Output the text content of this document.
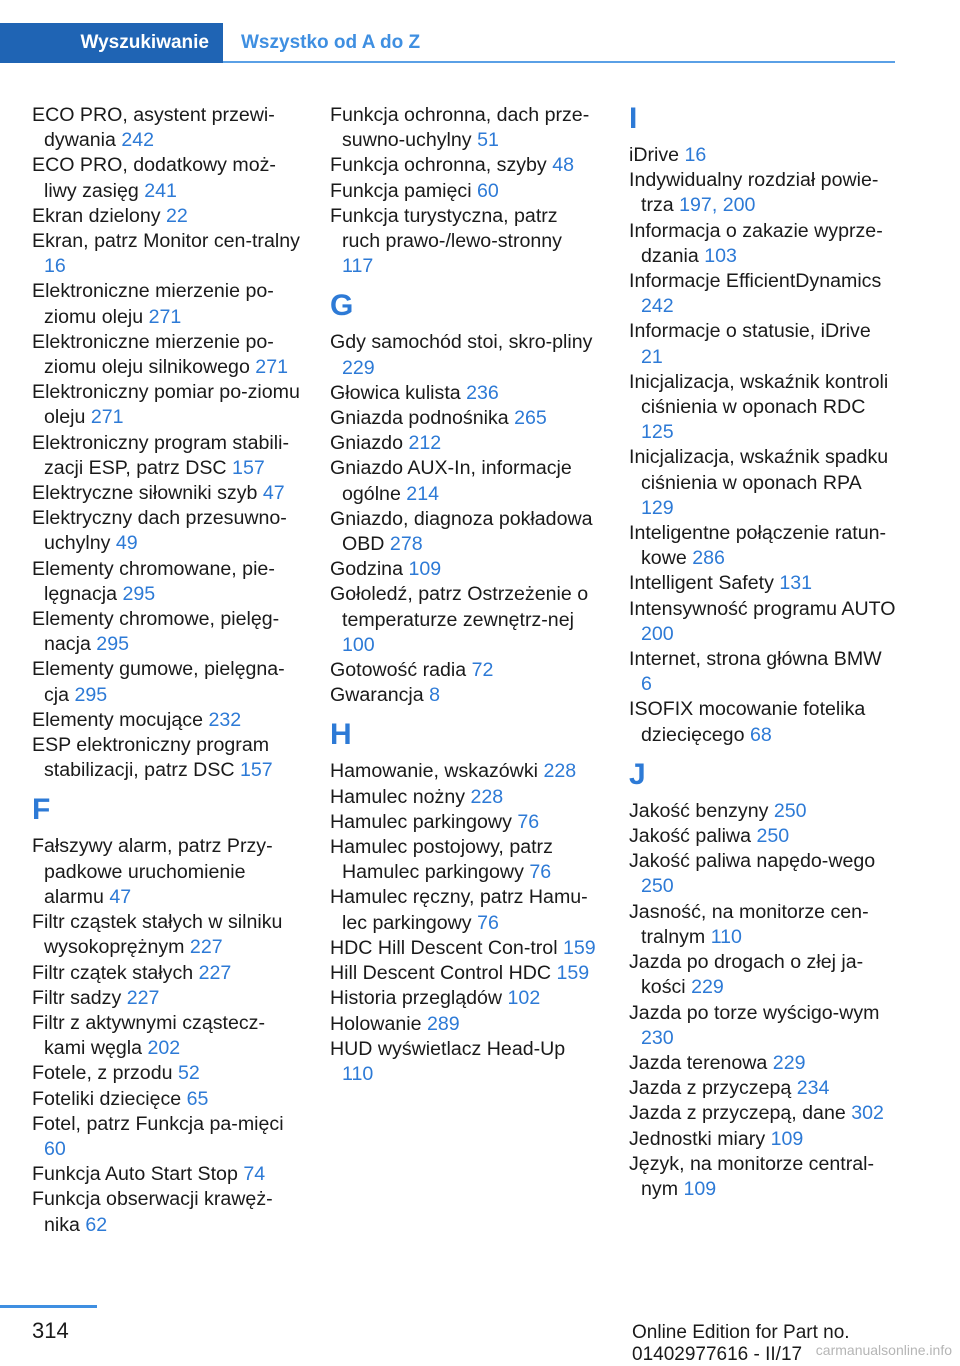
Wyszukiwanie	Wszystko od A do Z
ECO PRO, asystent przewi-dywania 242
ECO PRO, dodatkowy moż-liwy zasięg 241
Ekran dzielony 22
Ekran, patrz Monitor cen-tralny 16
Elektroniczne mierzenie po-ziomu oleju 271
Elektroniczne mierzenie po-ziomu oleju silnikowego 271
Elektroniczny pomiar po-ziomu oleju 271
Elektroniczny program stabili-zacji ESP, patrz DSC 157
Elektryczne siłowniki szyb 47
Elektryczny dach przesuwno-uchylny 49
Elementy chromowane, pie-lęgnacja 295
Elementy chromowe, pielęg-nacja 295
Elementy gumowe, pielęgna-cja 295
Elementy mocujące 232
ESP elektroniczny program stabilizacji, patrz DSC 157
F
Fałszywy alarm, patrz Przy-padkowe uruchomienie alarmu 47
Filtr cząstek stałych w silniku wysokoprężnym 227
Filtr czątek stałych 227
Filtr sadzy 227
Filtr z aktywnymi cząstecz-kami węgla 202
Fotele, z przodu 52
Foteliki dziecięce 65
Fotel, patrz Funkcja pa-mięci 60
Funkcja Auto Start Stop 74
Funkcja obserwacji krawęż-nika 62
Funkcja ochronna, dach prze-suwno-uchylny 51
Funkcja ochronna, szyby 48
Funkcja pamięci 60
Funkcja turystyczna, patrz ruch prawo-/lewo-stronny 117
G
Gdy samochód stoi, skro-pliny 229
Głowica kulista 236
Gniazda podnośnika 265
Gniazdo 212
Gniazdo AUX-In, informacje ogólne 214
Gniazdo, diagnoza pokładowa OBD 278
Godzina 109
Gołoledź, patrz Ostrzeżenie o temperaturze zewnętrz-nej 100
Gotowość radia 72
Gwarancja 8
H
Hamowanie, wskazówki 228
Hamulec nożny 228
Hamulec parkingowy 76
Hamulec postojowy, patrz Hamulec parkingowy 76
Hamulec ręczny, patrz Hamu-lec parkingowy 76
HDC Hill Descent Con-trol 159
Hill Descent Control HDC 159
Historia przeglądów 102
Holowanie 289
HUD wyświetlacz Head-Up 110
I
iDrive 16
Indywidualny rozdział powie-trza 197, 200
Informacja o zakazie wyprze-dzania 103
Informacje EfficientDynamics 242
Informacje o statusie, iDrive 21
Inicjalizacja, wskaźnik kontroli ciśnienia w oponach RDC 125
Inicjalizacja, wskaźnik spadku ciśnienia w oponach RPA 129
Inteligentne połączenie ratun-kowe 286
Intelligent Safety 131
Intensywność programu AUTO 200
Internet, strona główna BMW 6
ISOFIX mocowanie fotelika dziecięcego 68
J
Jakość benzyny 250
Jakość paliwa 250
Jakość paliwa napędo-wego 250
Jasność, na monitorze cen-tralnym 110
Jazda po drogach o złej ja-kości 229
Jazda po torze wyścigo-wym 230
Jazda terenowa 229
Jazda z przyczepą 234
Jazda z przyczepą, dane 302
Jednostki miary 109
Język, na monitorze central-nym 109
314	Online Edition for Part no. 01402977616 - II/17 carmanualsonline.info
